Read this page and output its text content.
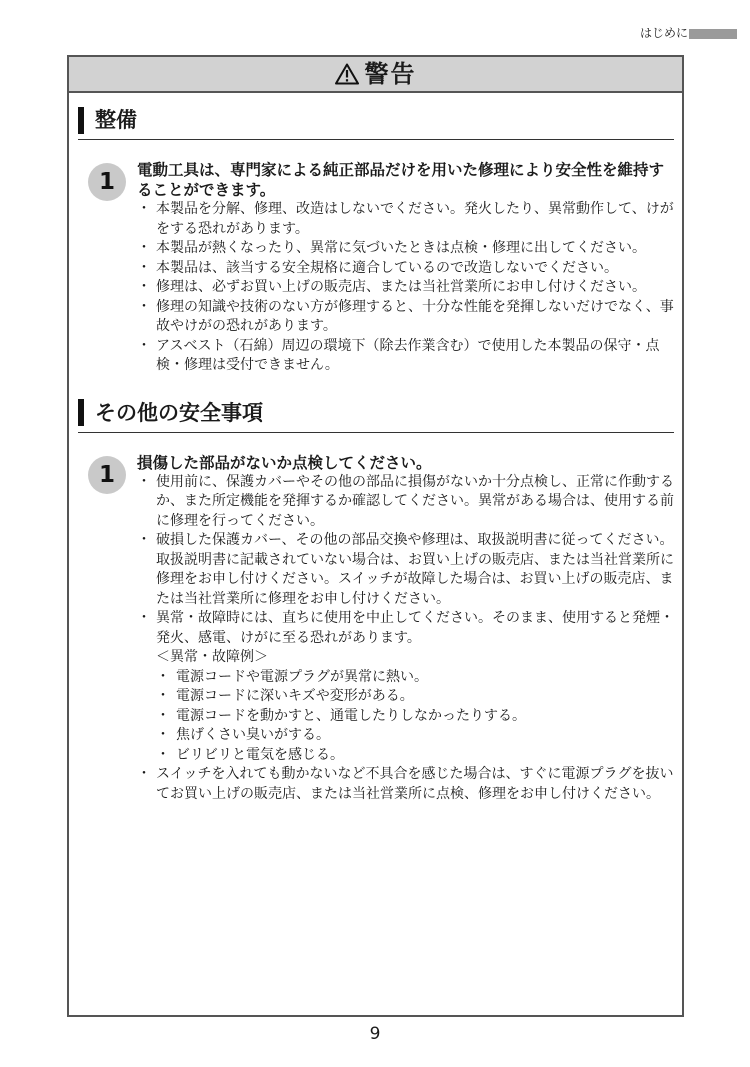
はじめに
警告
整備
1	電動工具は、専門家による純正部品だけを用いた修理により安全性を維持することができます。

・ 本製品を分解、修理、改造はしないでください。発火したり、異常動作して、けがをする恐れがあります。
・ 本製品が熱くなったり、異常に気づいたときは点検・修理に出してください。
・ 本製品は、該当する安全規格に適合しているので改造しないでください。
・ 修理は、必ずお買い上げの販売店、または当社営業所にお申し付けください。
・ 修理の知識や技術のない方が修理すると、十分な性能を発揮しないだけでなく、事故やけがの恐れがあります。
・ アスベスト（石綿）周辺の環境下（除去作業含む）で使用した本製品の保守・点検・修理は受付できません。
その他の安全事項
1	損傷した部品がないか点検してください。

・ 使用前に、保護カバーやその他の部品に損傷がないか十分点検し、正常に作動するか、また所定機能を発揮するか確認してください。異常がある場合は、使用する前に修理を行ってください。
・ 破損した保護カバー、その他の部品交換や修理は、取扱説明書に従ってください。取扱説明書に記載されていない場合は、お買い上げの販売店、または当社営業所に修理をお申し付けください。スイッチが故障した場合は、お買い上げの販売店、または当社営業所に修理をお申し付けください。
・ 異常・故障時には、直ちに使用を中止してください。そのまま、使用すると発煙・発火、感電、けがに至る恐れがあります。
＜異常・故障例＞
・ 電源コードや電源プラグが異常に熱い。
・ 電源コードに深いキズや変形がある。
・ 電源コードを動かすと、通電したりしなかったりする。
・ 焦げくさい臭いがする。
・ ビリビリと電気を感じる。
・ スイッチを入れても動かないなど不具合を感じた場合は、すぐに電源プラグを抜いてお買い上げの販売店、または当社営業所に点検、修理をお申し付けください。
9
